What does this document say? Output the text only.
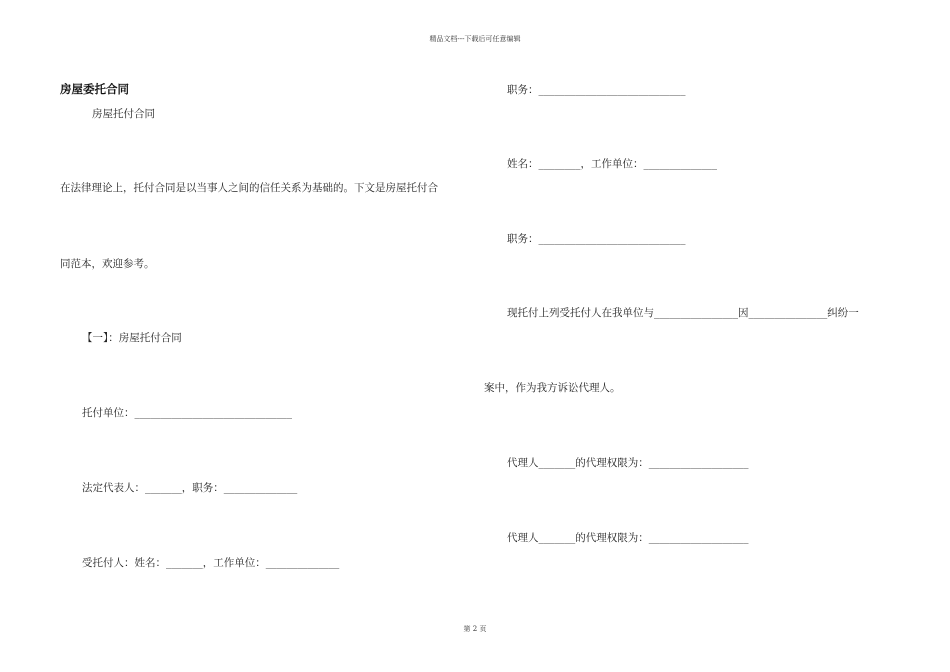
精品文档---下载后可任意编辑
房屋委托合同
房屋托付合同
在法律理论上，托付合同是以当事人之间的信任关系为基础的。下文是房屋托付合
同范本，欢迎参考。
【一】：房屋托付合同
托付单位：______________________________
法定代表人：_______，职务：______________
受托付人：姓名：_______，工作单位：______________
职务：____________________________
姓名：________，工作单位：______________
职务：____________________________
现托付上列受托付人在我单位与________________因_______________纠纷一
案中，作为我方诉讼代理人。
代理人_______的代理权限为：___________________
代理人_______的代理权限为：___________________
第 2 页
